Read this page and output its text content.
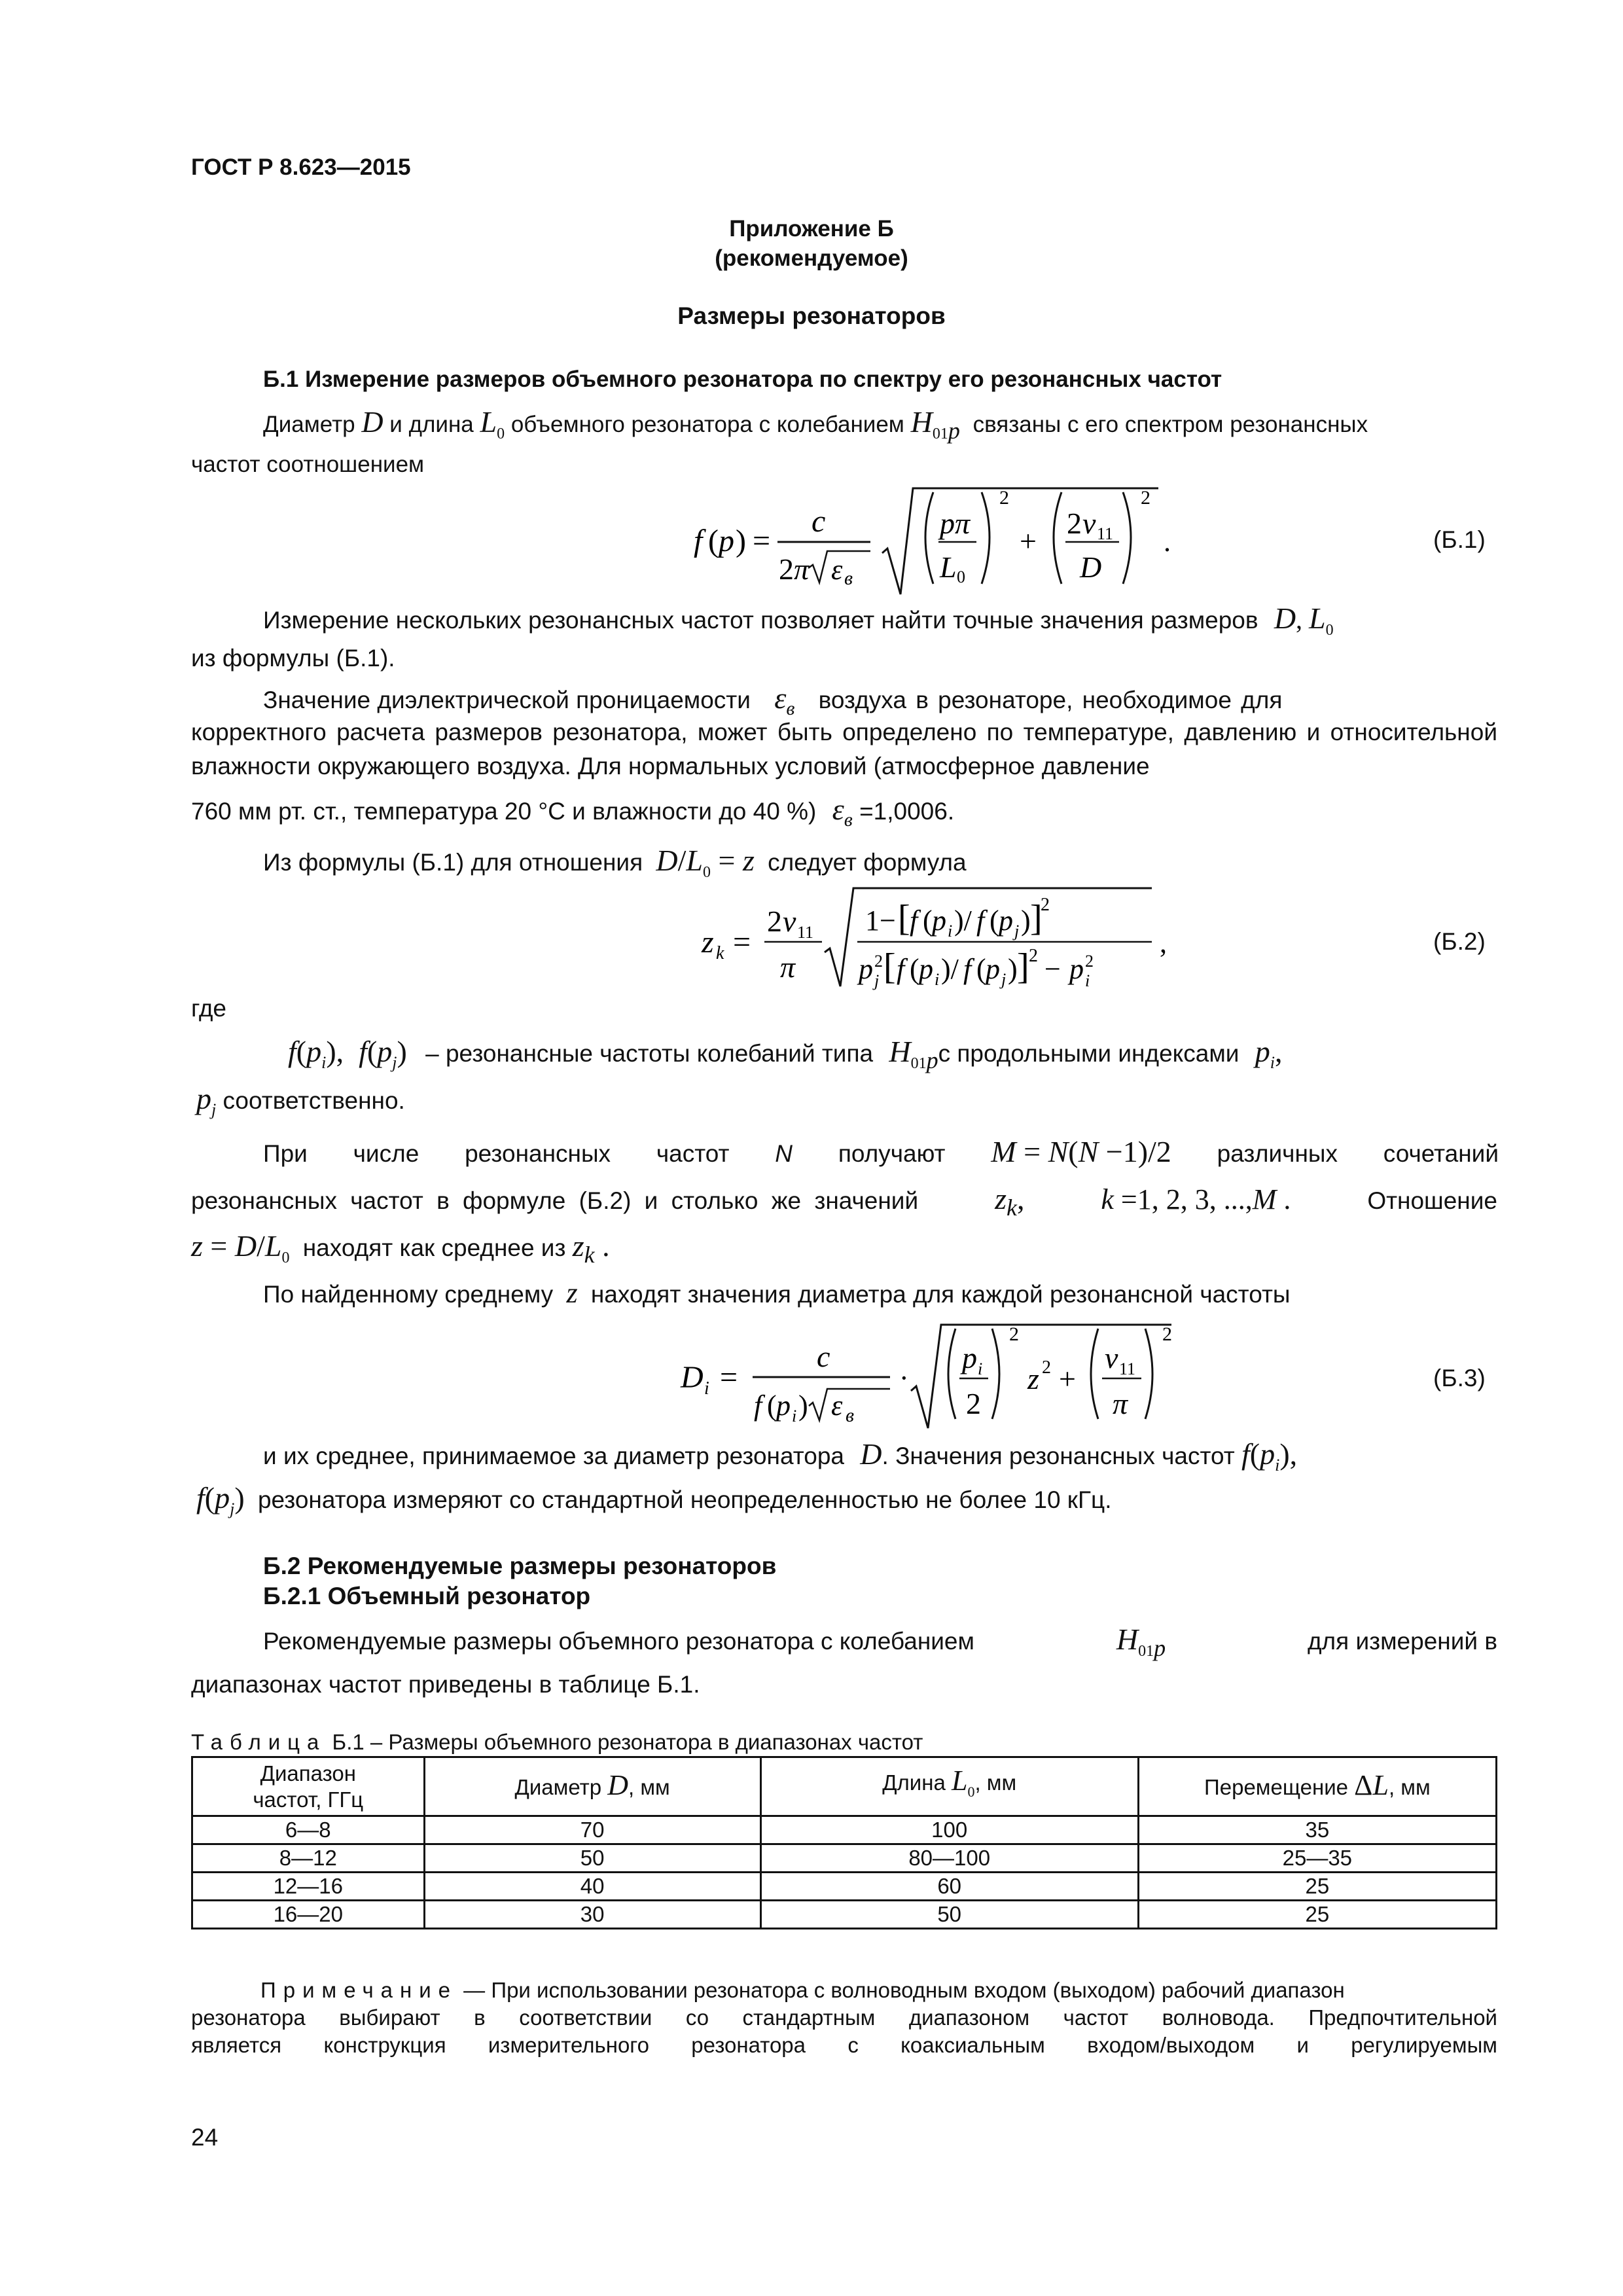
ГОСТ Р 8.623—2015
Приложение Б
(рекомендуемое)
Размеры резонаторов
Б.1 Измерение размеров объемного резонатора по спектру его резонансных частот
Диаметр D и длина $L_0$ объемного резонатора с колебанием $H_{01p}$ связаны с его спектром резонансных
частот соотношением
f ( p ) =
c
2 π ε в
pπ
L 0
2
+
2 ν 11
D
2
.	(Б.1)
Измерение нескольких резонансных частот позволяет найти точные значения размеров D, $L_0$
из формулы (Б.1).
Значение диэлектрической проницаемости $\varepsilon_в$ воздуха в резонаторе, необходимое для
корректного расчета размеров резонатора, может быть определено по температуре, давлению и относительной влажности окружающего воздуха. Для нормальных условий (атмосферное давление
760 мм рт. ст., температура 20 °С и влажности до 40 %) $\varepsilon_в =1,0006$.
Из формулы (Б.1) для отношения $D/L_0 = z$ следует формула
z k =
2 ν 11
π
1− [ f ( p i )/ f ( p j ) ]
2
p 2
j [ f ( p i )/ f ( p j ) ] 2 − p 2
i
,	(Б.2)
где
$f(p_i)$,  $f(p_j)$ – резонансные частоты колебаний типа $H_{01p}с$ продольными индексами $p_i$,
$p_j$ соответственно.
При числе резонансных частот N получают M = N(N −1)/2 различных сочетаний
резонансных частот в формуле (Б.2) и столько же значений	$z_k$,	k =1, 2, 3, ...,M .	Отношение
$z = D/L_0$ находят как среднее из $z_k$ .
По найденному среднему z находят значения диаметра для каждой резонансной частоты
D i =
c
f ( p i ) ε в
·
p i
2
2
z 2 +
ν 11
π
2
(Б.3)
и их среднее, принимаемое за диаметр резонатора D. Значения резонансных частот $f(p_i)$,
$f(p_j)$ резонатора измеряют со стандартной неопределенностью не более 10 кГц.
Б.2 Рекомендуемые размеры резонаторов
Б.2.1 Объемный резонатор
Рекомендуемые размеры объемного резонатора с колебанием	$H_{01p}$	для измерений в
диапазонах частот приведены в таблице Б.1.
Таблица Б.1 – Размеры объемного резонатора в диапазонах частот
Диапазон
частот, ГГц	Диаметр D, мм	Длина $L_0$, мм	Перемещение ΔL, мм
6—8	70	100	35
8—12	50	80—100	25—35
12—16	40	60	25
16—20	30	50	25
Примечание — При использовании резонатора с волноводным входом (выходом) рабочий диапазон
резонатора выбирают в соответствии со стандартным диапазоном частот волновода. Предпочтительной
является конструкция измерительного резонатора с коаксиальным входом/выходом и регулируемым
24
